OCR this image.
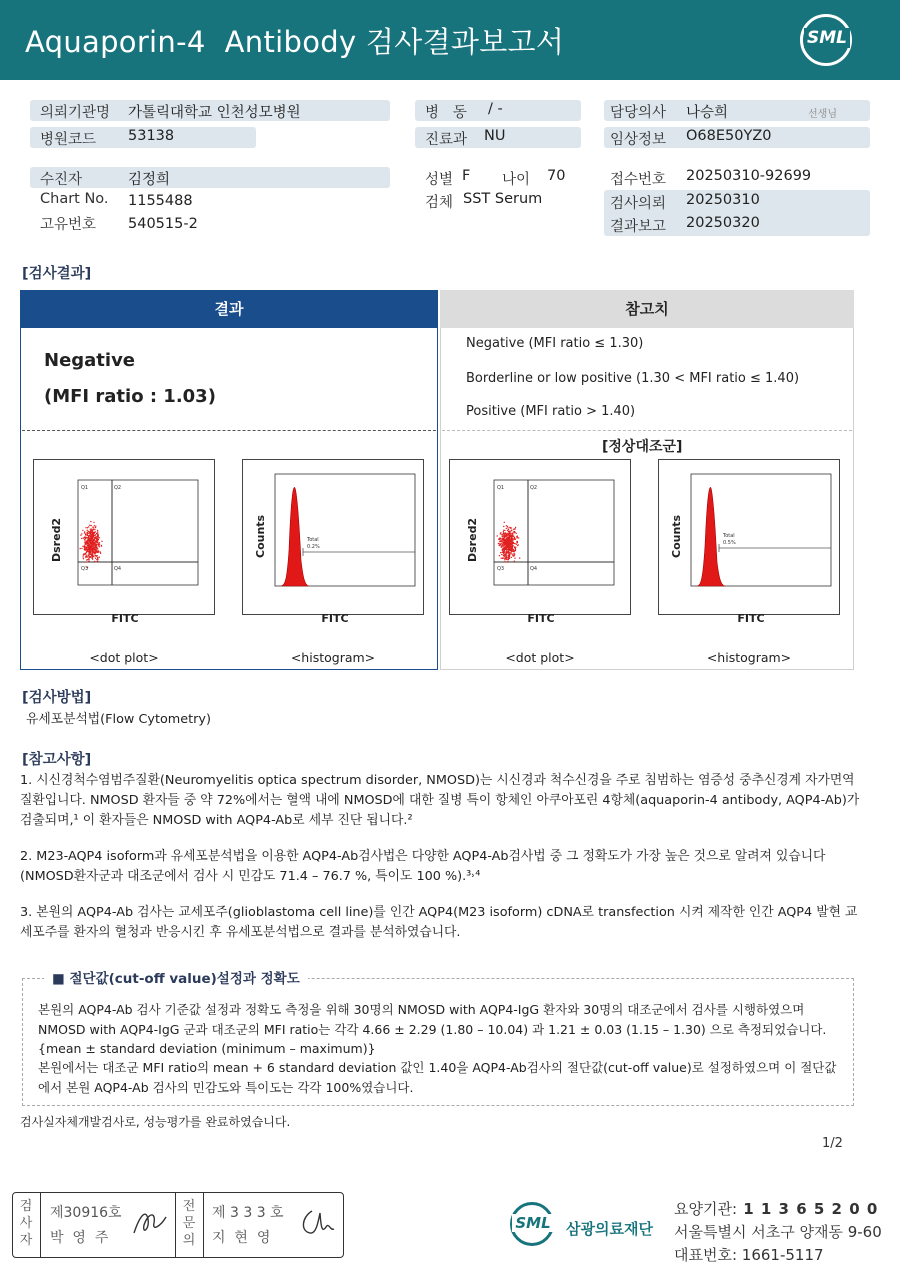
Aquaporin-4  Antibody 검사결과보고서	SML
의뢰기관명 가톨릭대학교 인천성모병원
병원코드 53138
병   동 / -
진료과 NU
담당의사 나승희	선생님
임상정보 O68E50YZ0
수진자	김정희
Chart No. 1155488
고유번호 540515-2
성별 F 나이 70
검체 SST Serum
접수번호 20250310-92699
검사의뢰 20250310
결과보고 20250320
[검사결과]
결과	참고치
Negative
(MFI ratio : 1.03)
Negative (MFI ratio ≤ 1.30)
Borderline or low positive (1.30 < MFI ratio ≤ 1.40)
Positive (MFI ratio > 1.40)
[정상대조군]
Q1	Q2
Q3	Q4
Dsred2
FITC
<dot plot>
Total
0.2%
Counts
FITC
<histogram>
Q1	Q2
Q3	Q4
Dsred2
FITC
<dot plot>
Total
0.5%
Counts
FITC
<histogram>
[검사방법]
유세포분석법(Flow Cytometry)
[참고사항]
1. 시신경척수염범주질환(Neuromyelitis optica spectrum disorder, NMOSD)는 시신경과 척수신경을 주로 침범하는 염증성 중추신경계 자가면역 질환입니다. NMOSD 환자들 중 약 72%에서는 혈액 내에 NMOSD에 대한 질병 특이 항체인 아쿠아포린 4항체(aquaporin-4 antibody, AQP4-Ab)가 검출되며,¹ 이 환자들은 NMOSD with AQP4-Ab로 세부 진단 됩니다.²
2. M23-AQP4 isoform과 유세포분석법을 이용한 AQP4-Ab검사법은 다양한 AQP4-Ab검사법 중 그 정확도가 가장 높은 것으로 알려져 있습니다(NMOSD환자군과 대조군에서 검사 시 민감도 71.4 – 76.7 %, 특이도 100 %).³˒⁴
3. 본원의 AQP4-Ab 검사는 교세포주(glioblastoma cell line)를 인간 AQP4(M23 isoform) cDNA로 transfection 시켜 제작한 인간 AQP4 발현 교세포주를 환자의 혈청과 반응시킨 후 유세포분석법으로 결과를 분석하였습니다.
■ 절단값(cut-off value)설정과 정확도
본원의 AQP4-Ab 검사 기준값 설정과 정확도 측정을 위해 30명의 NMOSD with AQP4-IgG 환자와 30명의 대조군에서 검사를 시행하였으며 NMOSD with AQP4-IgG 군과 대조군의 MFI ratio는 각각 4.66 ± 2.29 (1.80 – 10.04) 과 1.21 ± 0.03 (1.15 – 1.30) 으로 측정되었습니다. {mean ± standard deviation (minimum – maximum)}
본원에서는 대조군 MFI ratio의 mean + 6 standard deviation 값인 1.40을 AQP4-Ab검사의 절단값(cut-off value)로 설정하였으며 이 절단값에서 본원 AQP4-Ab 검사의 민감도와 특이도는 각각 100%였습니다.
검사실자체개발검사로, 성능평가를 완료하였습니다.
1/2
검
사
자
제30916호
박  영  주
전
문
의
제 3 3 3 호
지  현  영
SML 삼광의료재단
요양기관: 1 1 3 6 5 2 0 0
서울특별시 서초구 양재동 9-60
대표번호: 1661-5117
